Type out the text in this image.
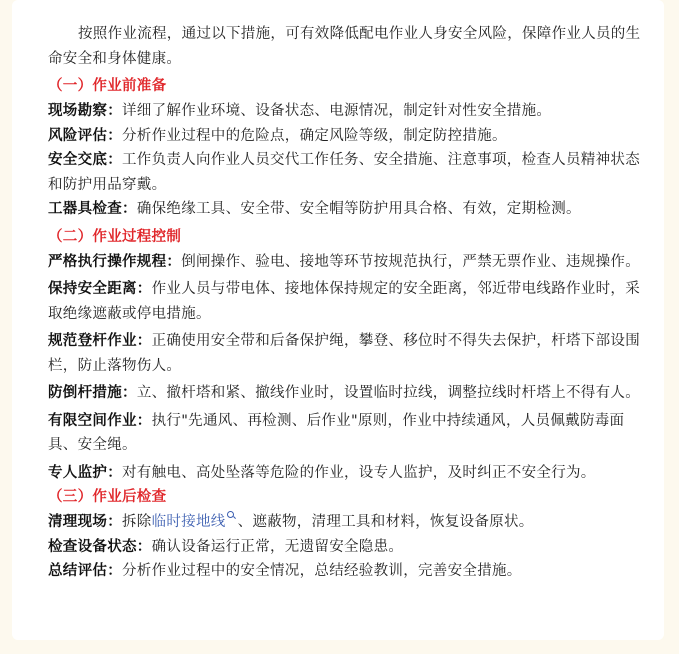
按照作业流程，通过以下措施，可有效降低配电作业人身安全风险，保障作业人员的生命安全和身体健康。

（一）作业前准备

现场勘察：详细了解作业环境、设备状态、电源情况，制定针对性安全措施。

风险评估：分析作业过程中的危险点，确定风险等级，制定防控措施。

安全交底：工作负责人向作业人员交代工作任务、安全措施、注意事项，检查人员精神状态和防护用品穿戴。

工器具检查：确保绝缘工具、安全带、安全帽等防护用具合格、有效，定期检测。

（二）作业过程控制

严格执行操作规程：倒闸操作、验电、接地等环节按规范执行，严禁无票作业、违规操作。

保持安全距离：作业人员与带电体、接地体保持规定的安全距离，邻近带电线路作业时，采取绝缘遮蔽或停电措施。

规范登杆作业：正确使用安全带和后备保护绳，攀登、移位时不得失去保护，杆塔下部设围栏，防止落物伤人。

防倒杆措施：立、撤杆塔和紧、撤线作业时，设置临时拉线，调整拉线时杆塔上不得有人。

有限空间作业：执行"先通风、再检测、后作业"原则，作业中持续通风，人员佩戴防毒面具、安全绳。

专人监护：对有触电、高处坠落等危险的作业，设专人监护，及时纠正不安全行为。

（三）作业后检查

清理现场：拆除临时接地线 、遮蔽物，清理工具和材料，恢复设备原状。

检查设备状态：确认设备运行正常，无遗留安全隐患。

总结评估：分析作业过程中的安全情况，总结经验教训，完善安全措施。
